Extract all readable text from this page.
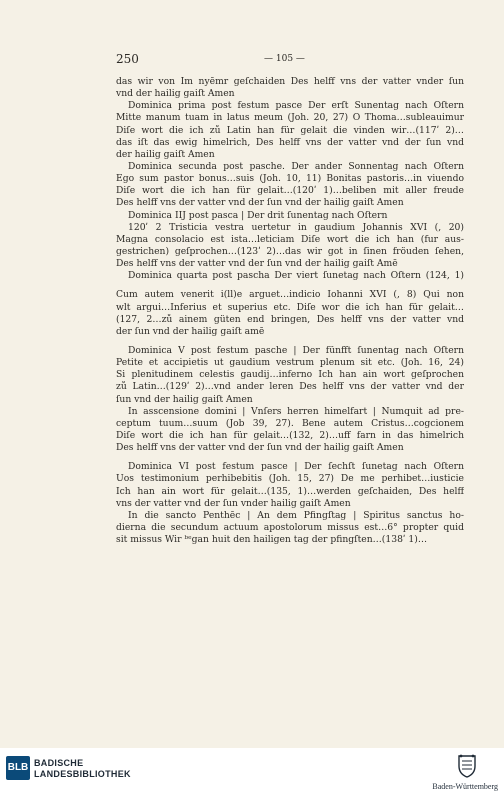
250	— 105 —
das wir von Im nyēmr geſchaiden Des helff vns der vatter vnder ſun
vnd der hailig gaiſt Amen
Dominica prima post festum pasce Der erſt Sunentag nach Oſtern
Mitte manum tuam in latus meum (Joh. 20, 27) O Thoma…subleauimur
Diſe wort die ich zů Latin han für gelait die vinden wir…(117ʹ 2)…
das iſt das ewig himelrich, Des helff vns der vatter vnd der ſun vnd
der hailig gaiſt Amen
Dominica secunda post pasche. Der ander Sonnentag nach Oſtern
Ego sum pastor bonus…suis (Joh. 10, 11) Bonitas pastoris…in viuendo
Diſe wort die ich han für gelait…(120ʹ 1)…beliben mit aller freude
Des helff vns der vatter vnd der ſun vnd der hailig gaiſt Amen
Dominica IIJ post pasca | Der drit ſunentag nach Oſtern
120ʹ 2 Tristicia vestra uertetur in gaudium Johannis XVI (, 20)
Magna consolacio est ista…leticiam Diſe wort die ich han (fur aus-
gestrichen) geſprochen…(123ʹ 2)…das wir got in ſinen fröuden ſehen,
Des helff vns der vatter vnd der ſun vnd der hailig gaiſt Amē
Dominica quarta post pascha Der viert ſunetag nach Oſtern (124, 1)
Cum autem venerit i(ll)e arguet…indicio Iohanni XVI (, 8) Qui non
wlt argui…Inferius et superius etc. Diſe wor die ich han für gelait…
(127, 2…zů ainem güten end bringen, Des helff vns der vatter vnd
der ſun vnd der hailig gaiſt amē
Dominica V post festum pasche | Der fünfft ſunentag nach Oſtern
Petite et accipietis ut gaudium vestrum plenum sit etc. (Joh. 16, 24)
Si plenitudinem celestis gaudij…inferno Ich han ain wort geſprochen
zů Latin…(129ʹ 2)…vnd ander leren Des helff vns der vatter vnd der
ſun vnd der hailig gaiſt Amen
In asscensione domini | Vnſers herren himelfart | Numquit ad pre-
ceptum tuum…suum (Job 39, 27). Bene autem Cristus…cogcionem
Diſe wort die ich han für gelait…(132, 2)…uff farn in das himelrich
Des helff vns der vatter vnd der ſun vnd der hailig gaiſt Amen
Dominica VI post festum pasce | Der ſechſt ſunetag nach Oſtern
Uos testimonium perhibebitis (Joh. 15, 27) De me perhibet…iusticie
Ich han ain wort für gelait…(135, 1)…werden geſchaiden, Des helff
vns der vatter vnd der ſun vnder hailig gaiſt Amen
In die sancto Penthēc | An dem Pfingſtag | Spiritus sanctus ho-
dierna die secundum actuum apostolorum missus est…6° propter quid
sit missus Wir ᵇᵉgan huit den hailigen tag der pfingſten…(138ʹ 1)…
BLB BADISCHE
LANDESBIBLIOTHEK
Baden-Württemberg
